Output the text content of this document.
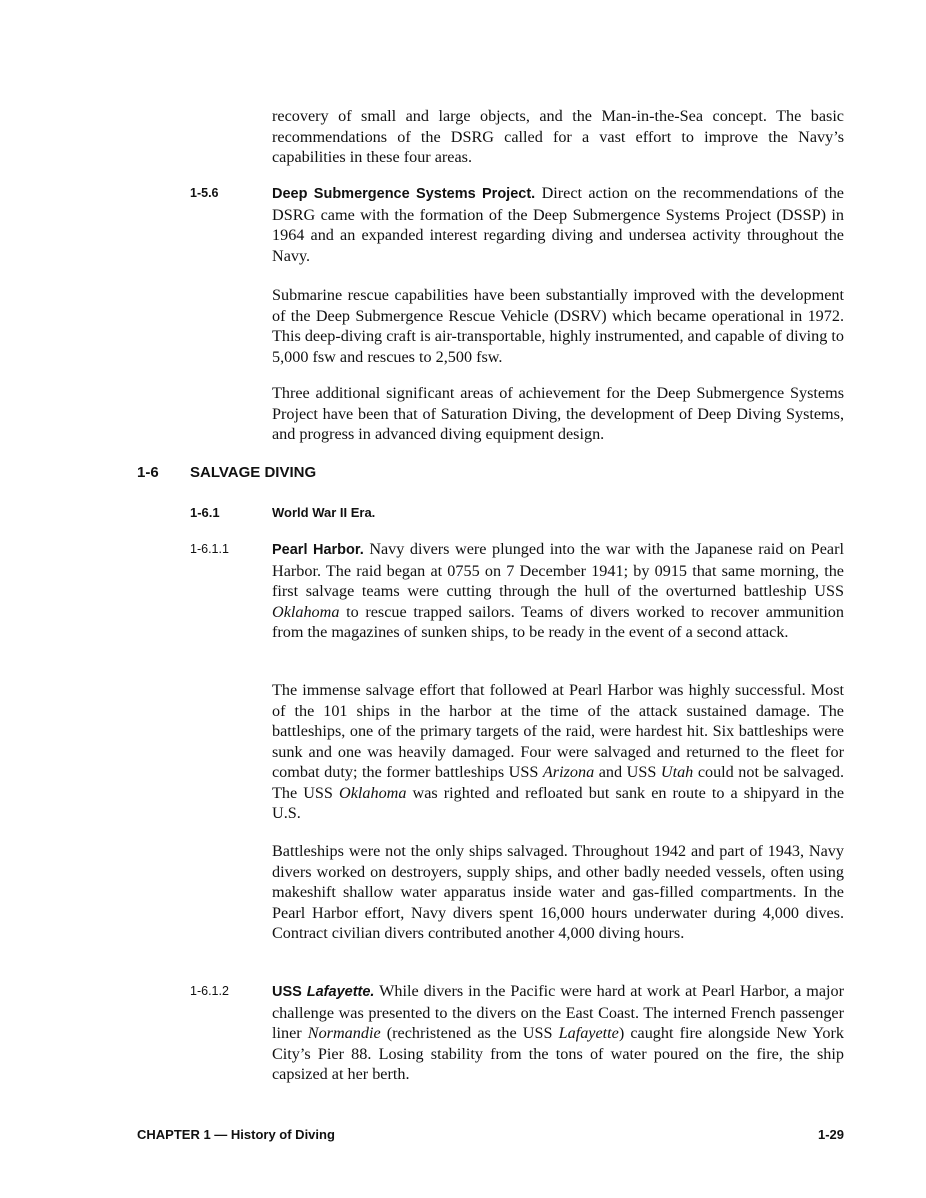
recovery of small and large objects, and the Man-in-the-Sea concept. The basic recommendations of the DSRG called for a vast effort to improve the Navy’s capabilities in these four areas.

1-5.6	Deep Submergence Systems Project. Direct action on the recommendations of the DSRG came with the formation of the Deep Submergence Systems Project (DSSP) in 1964 and an expanded interest regarding diving and undersea activity throughout the Navy.

Submarine rescue capabilities have been substantially improved with the development of the Deep Submergence Rescue Vehicle (DSRV) which became operational in 1972. This deep-diving craft is air-transportable, highly instrumented, and capable of diving to 5,000 fsw and rescues to 2,500 fsw.

Three additional significant areas of achievement for the Deep Submergence Systems Project have been that of Saturation Diving, the development of Deep Diving Systems, and progress in advanced diving equipment design.

1-6 SALVAGE DIVING
1-6.1	World War II Era.
1-6.1.1	Pearl Harbor. Navy divers were plunged into the war with the Japanese raid on Pearl Harbor. The raid began at 0755 on 7 December 1941; by 0915 that same morning, the first salvage teams were cutting through the hull of the overturned battleship USS Oklahoma to rescue trapped sailors. Teams of divers worked to recover ammunition from the magazines of sunken ships, to be ready in the event of a second attack.

The immense salvage effort that followed at Pearl Harbor was highly successful. Most of the 101 ships in the harbor at the time of the attack sustained damage. The battleships, one of the primary targets of the raid, were hardest hit. Six battleships were sunk and one was heavily damaged. Four were salvaged and returned to the fleet for combat duty; the former battleships USS Arizona and USS Utah could not be salvaged. The USS Oklahoma was righted and refloated but sank en route to a shipyard in the U.S.

Battleships were not the only ships salvaged. Throughout 1942 and part of 1943, Navy divers worked on destroyers, supply ships, and other badly needed vessels, often using makeshift shallow water apparatus inside water and gas-filled compartments. In the Pearl Harbor effort, Navy divers spent 16,000 hours underwater during 4,000 dives. Contract civilian divers contributed another 4,000 diving hours.

1-6.1.2	USS Lafayette. While divers in the Pacific were hard at work at Pearl Harbor, a major challenge was presented to the divers on the East Coast. The interned French passenger liner Normandie (rechristened as the USS Lafayette) caught fire alongside New York City’s Pier 88. Losing stability from the tons of water poured on the fire, the ship capsized at her berth.

CHAPTER 1 — History of Diving	1-29
